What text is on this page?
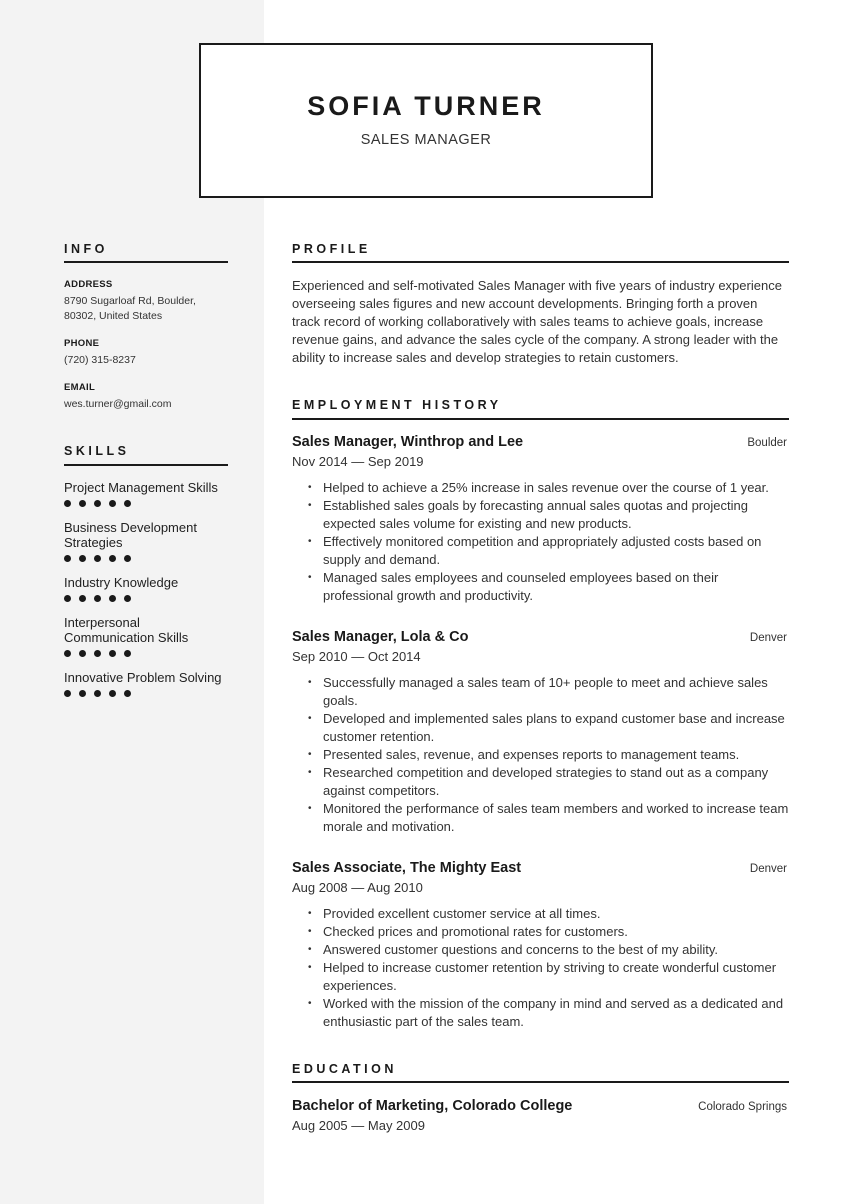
SOFIA TURNER
SALES MANAGER
INFO
ADDRESS
8790 Sugarloaf Rd, Boulder, 80302, United States
PHONE
(720) 315-8237
EMAIL
wes.turner@gmail.com
SKILLS
Project Management Skills
Business Development Strategies
Industry Knowledge
Interpersonal Communication Skills
Innovative Problem Solving
PROFILE
Experienced and self-motivated Sales Manager with five years of industry experience overseeing sales figures and new account developments. Bringing forth a proven track record of working collaboratively with sales teams to achieve goals, increase revenue gains, and advance the sales cycle of the company. A strong leader with the ability to increase sales and develop strategies to retain customers.
EMPLOYMENT HISTORY
Sales Manager, Winthrop and Lee	Boulder
Nov 2014 — Sep 2019
• Helped to achieve a 25% increase in sales revenue over the course of 1 year.
• Established sales goals by forecasting annual sales quotas and projecting expected sales volume for existing and new products.
• Effectively monitored competition and appropriately adjusted costs based on supply and demand.
• Managed sales employees and counseled employees based on their professional growth and productivity.
Sales Manager, Lola & Co	Denver
Sep 2010 — Oct 2014
• Successfully managed a sales team of 10+ people to meet and achieve sales goals.
• Developed and implemented sales plans to expand customer base and increase customer retention.
• Presented sales, revenue, and expenses reports to management teams.
• Researched competition and developed strategies to stand out as a company against competitors.
• Monitored the performance of sales team members and worked to increase team morale and motivation.
Sales Associate, The Mighty East	Denver
Aug 2008 — Aug 2010
• Provided excellent customer service at all times.
• Checked prices and promotional rates for customers.
• Answered customer questions and concerns to the best of my ability.
• Helped to increase customer retention by striving to create wonderful customer experiences.
• Worked with the mission of the company in mind and served as a dedicated and enthusiastic part of the sales team.
EDUCATION
Bachelor of Marketing, Colorado College	Colorado Springs
Aug 2005 — May 2009
